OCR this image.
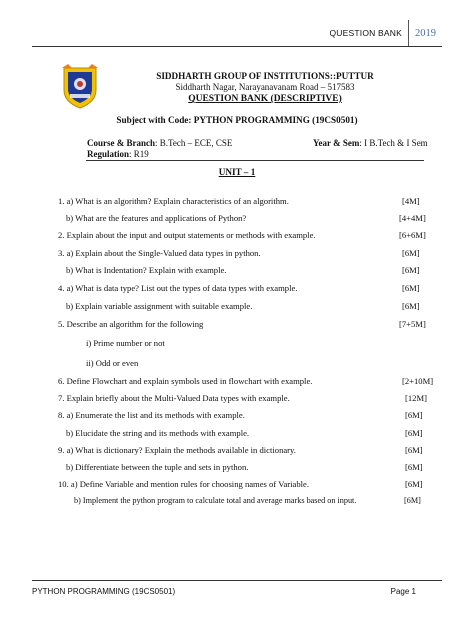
QUESTION BANK	2019
SIDDHARTH GROUP OF INSTITUTIONS::PUTTUR
Siddharth Nagar, Narayanavanam Road – 517583
QUESTION BANK (DESCRIPTIVE)
Subject with Code: PYTHON PROGRAMMING (19CS0501)
Course & Branch: B.Tech – ECE, CSE	Year & Sem: I B.Tech & I Sem
Regulation: R19
UNIT – 1
1. a) What is an algorithm? Explain characteristics of an algorithm.	[4M]
b) What are the features and applications of Python?	[4+4M]
2. Explain about the input and output statements or methods with example.	[6+6M]
3. a) Explain about the Single-Valued data types in python.	[6M]
b) What is Indentation? Explain with example.	[6M]
4. a) What is data type? List out the types of data types with example.	[6M]
b) Explain variable assignment with suitable example.	[6M]
5. Describe an algorithm for the following	[7+5M]
i) Prime number or not
ii) Odd or even
6. Define Flowchart and explain symbols used in flowchart with example.	[2+10M]
7. Explain briefly about the Multi-Valued Data types with example.	[12M]
8. a) Enumerate the list and its methods with example.	[6M]
b) Elucidate the string and its methods with example.	[6M]
9. a) What is dictionary? Explain the methods available in dictionary.	[6M]
b) Differentiate between the tuple and sets in python.	[6M]
10. a) Define Variable and mention rules for choosing names of Variable.	[6M]
b) Implement the python program to calculate total and average marks based on input.	[6M]
PYTHON PROGRAMMING (19CS0501)	Page 1
